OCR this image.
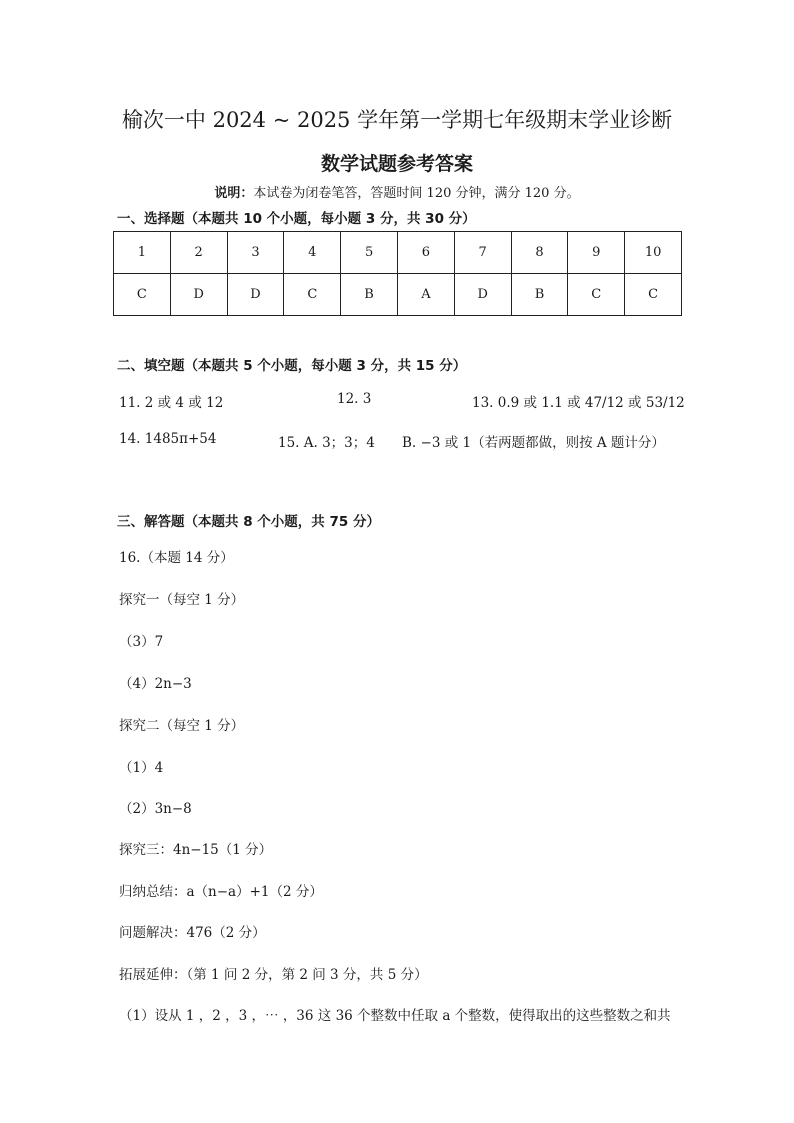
榆次一中 2024 ~ 2025 学年第一学期七年级期末学业诊断
数学试题参考答案
说明：本试卷为闭卷笔答，答题时间 120 分钟，满分 120 分。
一、选择题（本题共 10 个小题，每小题 3 分，共 30 分）
1	2	3	4	5	6	7	8	9	10
C	D	D	C	B	A	D	B	C	C
二、填空题（本题共 5 个小题，每小题 3 分，共 15 分）
11. 2 或 4 或 12	12. 3	13. 0.9 或 1.1 或 47/12 或 53/12
14. 1485π+54	15. A. 3；3；4 B. −3 或 1（若两题都做，则按 A 题计分）
三、解答题（本题共 8 个小题，共 75 分）
16.（本题 14 分）
探究一（每空 1 分）
（3）7
（4）2n−3
探究二（每空 1 分）
（1）4
（2）3n−8
探究三：4n−15（1 分）
归纳总结：a（n−a）+1（2 分）
问题解决：476（2 分）
拓展延伸：（第 1 问 2 分，第 2 问 3 分，共 5 分）
（1）设从 1 ，2 ，3 ，⋯ ，36 这 36 个整数中任取 a 个整数，使得取出的这些整数之和共
